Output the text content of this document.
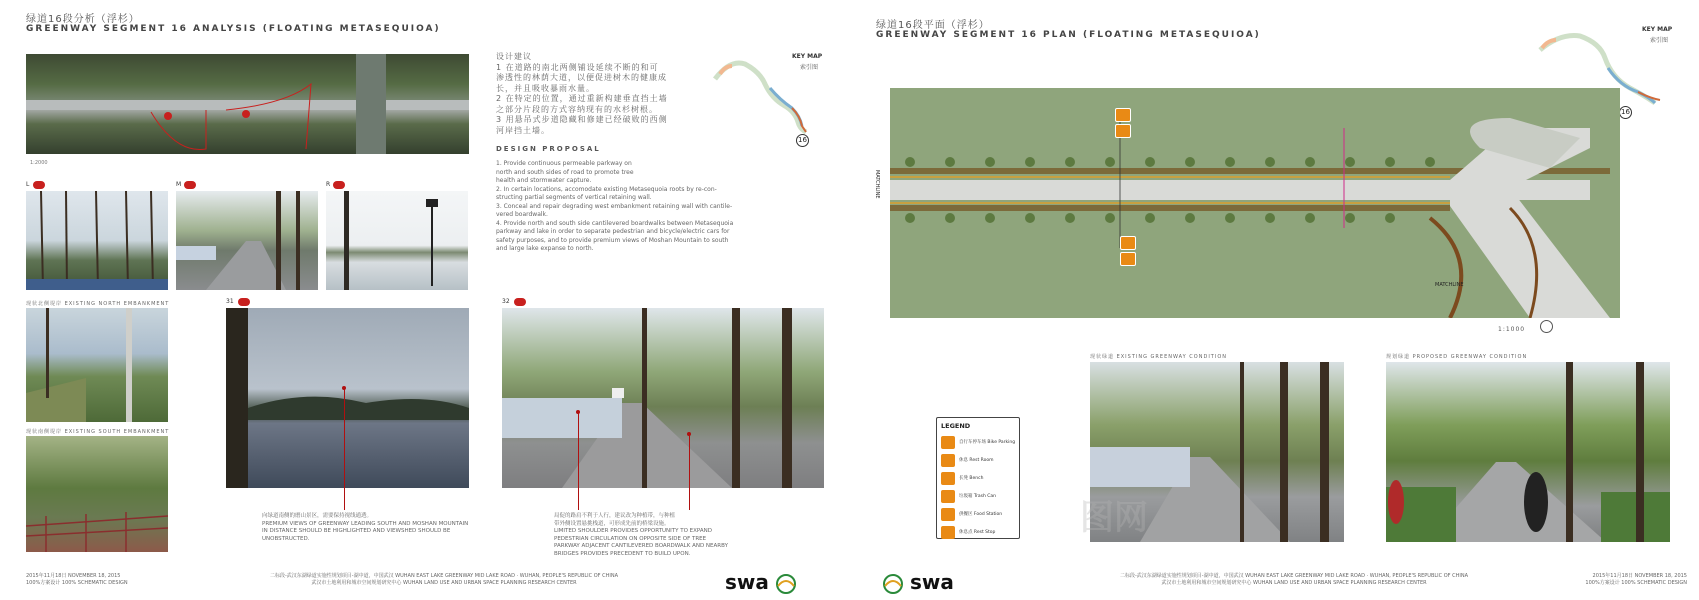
绿道16段分析（浮杉）
GREENWAY SEGMENT 16 ANALYSIS (FLOATING METASEQUIOA)
KEY MAP
索引图
16
1:2000
L	M	R
现状北侧堤岸 EXISTING NORTH EMBANKMENT
现状南侧堤岸 EXISTING SOUTH EMBANKMENT
31
向绿道南侧的磨山景区，需要保持视线通透。
PREMIUM VIEWS OF GREENWAY LEADING SOUTH AND MOSHAN MOUNTAIN
IN DISTANCE SHOULD BE HIGHLIGHTED AND VIEWSHED SHOULD BE
UNOBSTRUCTED.
32
局促的路肩不利于人行，建议改为种植带，与种植
带外侧设置悬挑栈道，可形成先前的桥梁设施。
LIMITED SHOULDER PROVIDES OPPORTUNITY TO EXPAND
PEDESTRIAN CIRCULATION ON OPPOSITE SIDE OF TREE
PARKWAY ADJACENT CANTILEVERED BOARDWALK AND NEARBY
BRIDGES PROVIDES PRECEDENT TO BUILD UPON.
设计建议
1 在道路的南北两侧铺设延续不断的和可
渗透性的林荫大道，以便促进树木的健康成
长，并且吸收暴雨水量。
2 在特定的位置，通过重新构建垂直挡土墙
之部分片段的方式容纳现有的水杉树根。
3 用悬吊式步道隐藏和修建已经破败的西侧
河岸挡土墙。
DESIGN PROPOSAL
1. Provide continuous permeable parkway on
north and south sides of road to promote tree
health and stormwater capture.
2. In certain locations, accomodate existing Metasequoia roots by re-con-
structing partial segments of vertical retaining wall.
3. Conceal and repair degrading west embankment retaining wall with cantile-
vered boardwalk.
4. Provide north and south side cantilevered boardwalks between Metasequoia
parkway and lake in order to separate pedestrian and bicycle/electric cars for
safety purposes, and to provide premium views of Moshan Mountain to south
and large lake expanse to north.
2015年11月18日 NOVEMBER 18, 2015
100%方案设计 100% SCHEMATIC DESIGN
二标段-武汉东湖绿道实施性规划项目-湖中道，中国武汉 WUHAN EAST LAKE GREENWAY MID LAKE ROAD · WUHAN, PEOPLE'S REPUBLIC OF CHINA
武汉市土地利用和城市空间规划研究中心 WUHAN LAND USE AND URBAN SPACE PLANNING RESEARCH CENTER	swa
绿道16段平面（浮杉）
GREENWAY SEGMENT 16 PLAN (FLOATING METASEQUIOA)
KEY MAP
索引图
16
MATCHLINE
MATCHLINE
1:1000
LEGEND
自行车停车场 Bike Parking
休息 Rest Room
长凳 Bench
垃圾箱 Trash Can
供餐区 Food Station
休息点 Rest Stop
现状绿道 EXISTING GREENWAY CONDITION	规划绿道 PROPOSED GREENWAY CONDITION
图网
swa	二标段-武汉东湖绿道实施性规划项目-湖中道，中国武汉 WUHAN EAST LAKE GREENWAY MID LAKE ROAD · WUHAN, PEOPLE'S REPUBLIC OF CHINA
武汉市土地利用和城市空间规划研究中心 WUHAN LAND USE AND URBAN SPACE PLANNING RESEARCH CENTER
2015年11月18日 NOVEMBER 18, 2015
100%方案设计 100% SCHEMATIC DESIGN
